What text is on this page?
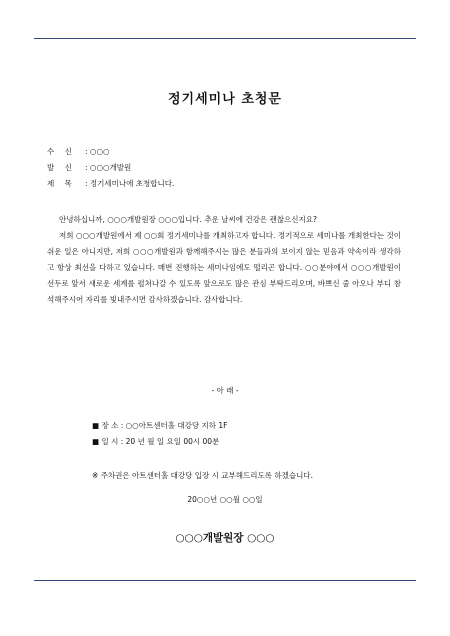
정기세미나 초청문
수 신 : ○○○
발 신 : ○○○개발원
제 목 : 정기세미나에 초청합니다.

안녕하십니까, ○○○개발원장 ○○○입니다. 추운 날씨에 건강은 괜찮으신지요?

저희 ○○○개발원에서 제 ○○회 정기세미나를 개최하고자 합니다. 정기적으로 세미나를 개최한다는 것이 쉬운 일은 아니지만, 저희 ○○○개발원과 함께해주시는 많은 분들과의 보이지 않는 믿음과 약속이라 생각하고 항상 최선을 다하고 있습니다. 매번 진행하는 세미나임에도 떨리곤 합니다. ○○분야에서 ○○○개발원이 선두로 앞서 새로운 세계를 펼쳐나갈 수 있도록 앞으로도 많은 관심 부탁드리오며, 바쁘신 줄 아오나 부디 참석해주시어 자리를 빛내주시면 감사하겠습니다. 감사합니다.

- 아 래 -
■ 장 소 : ○○아트센터홀 대강당 지하 1F
■ 일 시 : 20 년 월 일 요일 00시 00분
※ 주차권은 아트센터홀 대강당 입장 시 교부해드리도록 하겠습니다.
20○○년 ○○월 ○○일
○○○개발원장 ○○○
